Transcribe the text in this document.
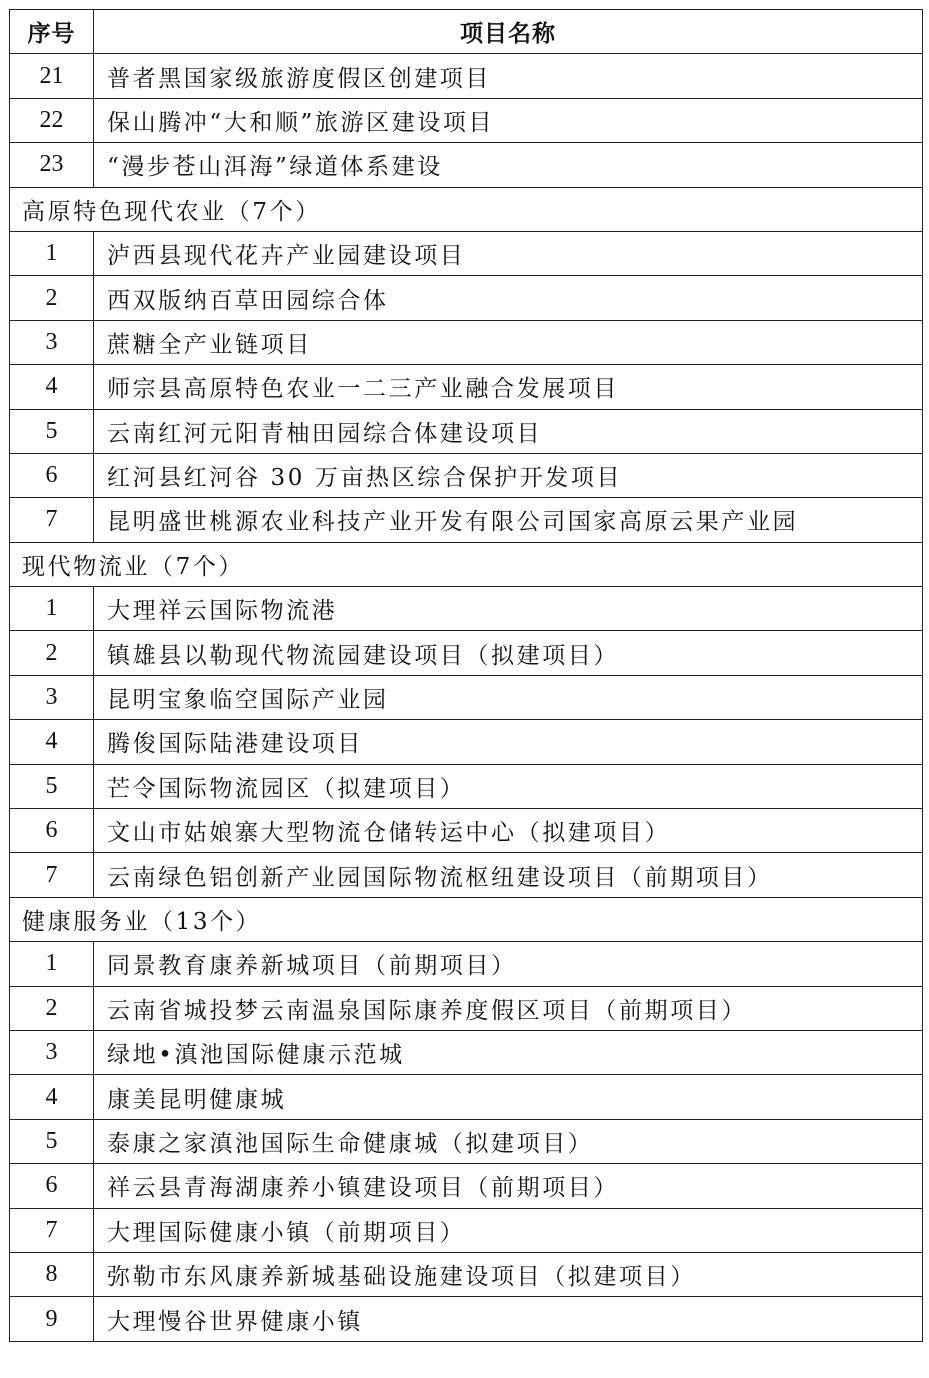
序号	项目名称
21	普者黑国家级旅游度假区创建项目
22	保山腾冲“大和顺”旅游区建设项目
23	“漫步苍山洱海”绿道体系建设
高原特色现代农业（7个）	
1	泸西县现代花卉产业园建设项目
2	西双版纳百草田园综合体
3	蔗糖全产业链项目
4	师宗县高原特色农业一二三产业融合发展项目
5	云南红河元阳青柚田园综合体建设项目
6	红河县红河谷 30 万亩热区综合保护开发项目
7	昆明盛世桃源农业科技产业开发有限公司国家高原云果产业园
现代物流业（7个）	
1	大理祥云国际物流港
2	镇雄县以勒现代物流园建设项目（拟建项目）
3	昆明宝象临空国际产业园
4	腾俊国际陆港建设项目
5	芒令国际物流园区（拟建项目）
6	文山市姑娘寨大型物流仓储转运中心（拟建项目）
7	云南绿色铝创新产业园国际物流枢纽建设项目（前期项目）
健康服务业（13个）	
1	同景教育康养新城项目（前期项目）
2	云南省城投梦云南温泉国际康养度假区项目（前期项目）
3	绿地•滇池国际健康示范城
4	康美昆明健康城
5	泰康之家滇池国际生命健康城（拟建项目）
6	祥云县青海湖康养小镇建设项目（前期项目）
7	大理国际健康小镇（前期项目）
8	弥勒市东风康养新城基础设施建设项目（拟建项目）
9	大理慢谷世界健康小镇
